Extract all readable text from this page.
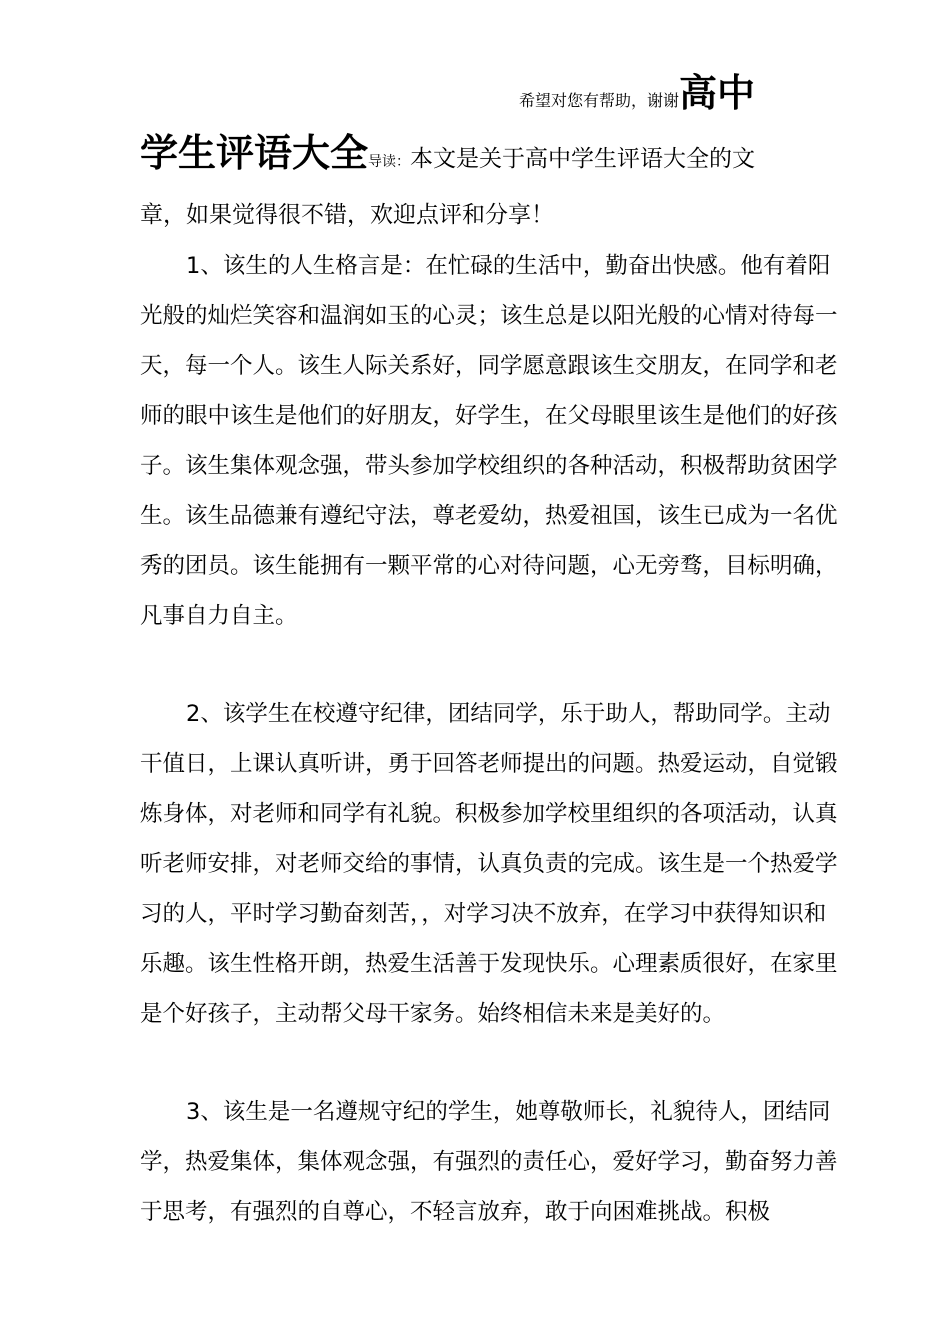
希望对您有帮助，谢谢高中
学生评语大全导读：本文是关于高中学生评语大全的文
章，如果觉得很不错，欢迎点评和分享！

1、该生的人生格言是：在忙碌的生活中，勤奋出快感。他有着阳光般的灿烂笑容和温润如玉的心灵；该生总是以阳光般的心情对待每一天，每一个人。该生人际关系好，同学愿意跟该生交朋友，在同学和老师的眼中该生是他们的好朋友，好学生，在父母眼里该生是他们的好孩子。该生集体观念强，带头参加学校组织的各种活动，积极帮助贫困学生。该生品德兼有遵纪守法，尊老爱幼，热爱祖国，该生已成为一名优秀的团员。该生能拥有一颗平常的心对待问题，心无旁骛，目标明确，凡事自力自主。

2、该学生在校遵守纪律，团结同学，乐于助人，帮助同学。主动干值日，上课认真听讲，勇于回答老师提出的问题。热爱运动，自觉锻炼身体，对老师和同学有礼貌。积极参加学校里组织的各项活动，认真听老师安排，对老师交给的事情，认真负责的完成。该生是一个热爱学习的人，平时学习勤奋刻苦，，对学习决不放弃，在学习中获得知识和乐趣。该生性格开朗，热爱生活善于发现快乐。心理素质很好，在家里是个好孩子，主动帮父母干家务。始终相信未来是美好的。

3、该生是一名遵规守纪的学生，她尊敬师长，礼貌待人，团结同学，热爱集体，集体观念强，有强烈的责任心，爱好学习，勤奋努力善于思考，有强烈的自尊心，不轻言放弃，敢于向困难挑战。积极
